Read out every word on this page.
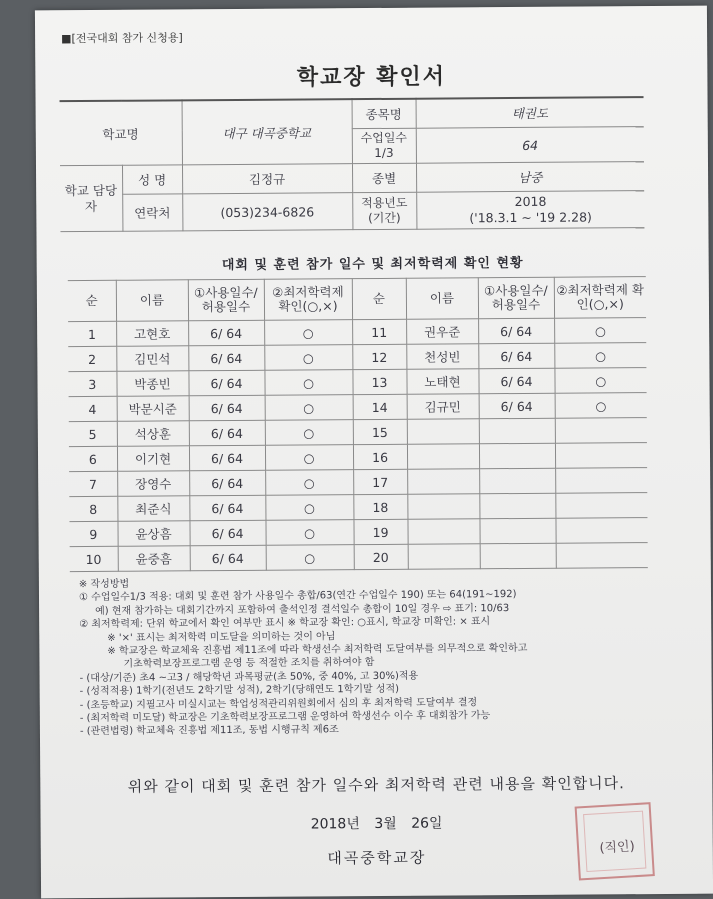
■[전국대회 참가 신청용]
학교장 확인서
학교명		대구 대곡중학교	종목명	태권도
			수업일수 1/3	64
학교 담당자	성 명	김정규	종별	남중
	연락처	(053)234-6826	적용년도 (기간)	2018
('18.3.1 ~ '19 2.28)
대회 및 훈련 참가 일수 및 최저학력제 확인 현황
순	이름	①사용일수/ 허용일수	②최저학력제 확인(○,×)	순	이름	①사용일수/ 허용일수	②최저학력제 확인(○,×)
1	고현호	6/ 64	○	11	권우준	6/ 64	○
2	김민석	6/ 64	○	12	천성빈	6/ 64	○
3	박종빈	6/ 64	○	13	노태현	6/ 64	○
4	박문시준	6/ 64	○	14	김규민	6/ 64	○
5	석상훈	6/ 64	○	15			
6	이기현	6/ 64	○	16			
7	장영수	6/ 64	○	17			
8	최준식	6/ 64	○	18			
9	윤상흠	6/ 64	○	19			
10	윤중흠	6/ 64	○	20			
※ 작성방법
① 수업일수1/3 적용: 대회 및 훈련 참가 사용일수 총합/63(연간 수업일수 190) 또는 64(191~192)
예) 현재 참가하는 대회기간까지 포함하여 출석인정 결석일수 총합이 10일 경우 ⇨ 표기: 10/63
② 최저학력제: 단위 학교에서 확인 여부만 표시 ※ 학교장 확인: ○표시, 학교장 미확인: × 표시
※ '×' 표시는 최저학력 미도달을 의미하는 것이 아님
※ 학교장은 학교체육 진흥법 제11조에 따라 학생선수 최저학력 도달여부를 의무적으로 확인하고
기초학력보장프로그램 운영 등 적절한 조치를 취하여야 함
- (대상/기준) 초4 ~고3 / 해당학년 과목평균(초 50%, 중 40%, 고 30%)적용
- (성적적용) 1학기(전년도 2학기말 성적), 2학기(당해연도 1학기말 성적)
- (초등학교) 지필고사 미실시교는 학업성적관리위원회에서 심의 후 최저학력 도달여부 결정
- (최저학력 미도달) 학교장은 기초학력보장프로그램 운영하여 학생선수 이수 후 대회참가 가능
- (관련법령) 학교체육 진흥법 제11조, 동법 시행규칙 제6조
위와 같이 대회 및 훈련 참가 일수와 최저학력 관련 내용을 확인합니다.
2018년 3월 26일
대곡중학교장
(직인)
